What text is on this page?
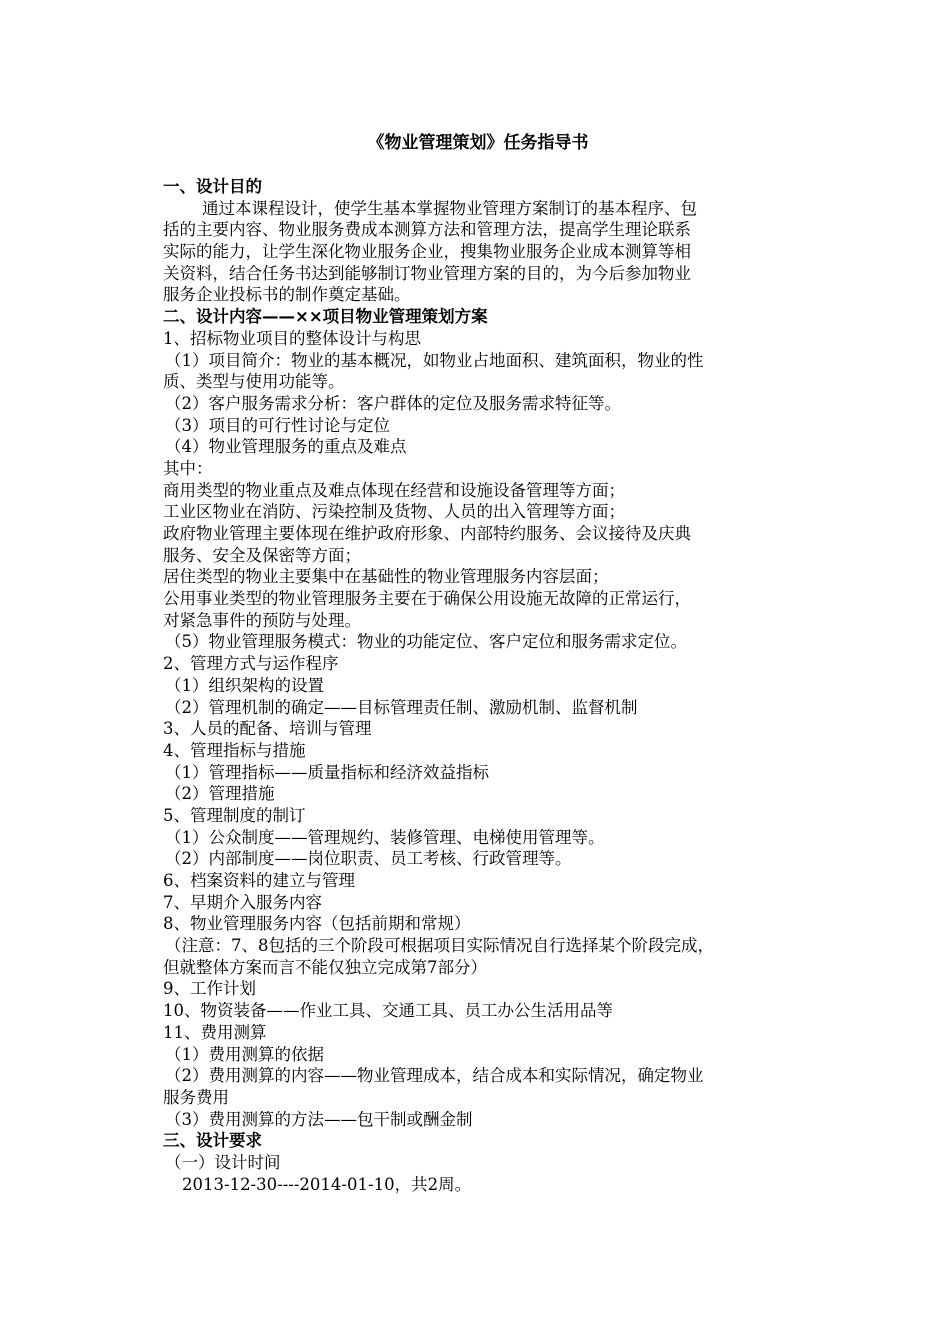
《物业管理策划》任务指导书
一、设计目的
通过本课程设计，使学生基本掌握物业管理方案制订的基本程序、包
括的主要内容、物业服务费成本测算方法和管理方法，提高学生理论联系
实际的能力，让学生深化物业服务企业，搜集物业服务企业成本测算等相
关资料，结合任务书达到能够制订物业管理方案的目的，为今后参加物业
服务企业投标书的制作奠定基础。
二、设计内容——××项目物业管理策划方案
1、招标物业项目的整体设计与构思
（1）项目简介：物业的基本概况，如物业占地面积、建筑面积，物业的性
质、类型与使用功能等。
（2）客户服务需求分析：客户群体的定位及服务需求特征等。
（3）项目的可行性讨论与定位
（4）物业管理服务的重点及难点
其中：
商用类型的物业重点及难点体现在经营和设施设备管理等方面；
工业区物业在消防、污染控制及货物、人员的出入管理等方面；
政府物业管理主要体现在维护政府形象、内部特约服务、会议接待及庆典
服务、安全及保密等方面；
居住类型的物业主要集中在基础性的物业管理服务内容层面；
公用事业类型的物业管理服务主要在于确保公用设施无故障的正常运行，
对紧急事件的预防与处理。
（5）物业管理服务模式：物业的功能定位、客户定位和服务需求定位。
2、管理方式与运作程序
（1）组织架构的设置
（2）管理机制的确定——目标管理责任制、激励机制、监督机制
3、人员的配备、培训与管理
4、管理指标与措施
（1）管理指标——质量指标和经济效益指标
（2）管理措施
5、管理制度的制订
（1）公众制度——管理规约、装修管理、电梯使用管理等。
（2）内部制度——岗位职责、员工考核、行政管理等。
6、档案资料的建立与管理
7、早期介入服务内容
8、物业管理服务内容（包括前期和常规）
（注意：7、8包括的三个阶段可根据项目实际情况自行选择某个阶段完成，
但就整体方案而言不能仅独立完成第7部分）
9、工作计划
10、物资装备——作业工具、交通工具、员工办公生活用品等
11、费用测算
（1）费用测算的依据
（2）费用测算的内容——物业管理成本，结合成本和实际情况，确定物业
服务费用
（3）费用测算的方法——包干制或酬金制
三、设计要求
（一）设计时间
2013-12-30----2014-01-10，共2周。
